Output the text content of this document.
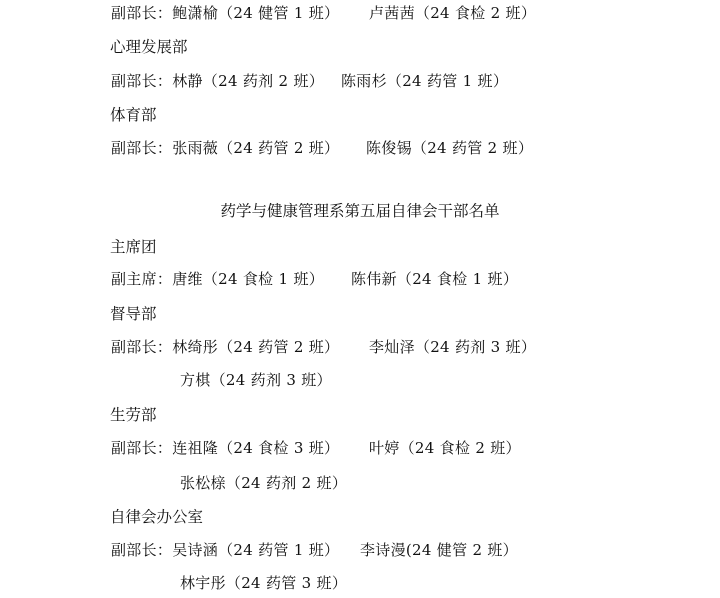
副部长：鲍潇榆（24 健管 1 班） 卢茜茜（24 食检 2 班）
心理发展部
副部长：林静（24 药剂 2 班） 陈雨杉（24 药管 1 班）
体育部
副部长：张雨薇（24 药管 2 班） 陈俊锡（24 药管 2 班）
药学与健康管理系第五届自律会干部名单
主席团
副主席：唐维（24 食检 1 班） 陈伟新（24 食检 1 班）
督导部
副部长：林绮彤（24 药管 2 班） 李灿泽（24 药剂 3 班）
方棋（24 药剂 3 班）
生劳部
副部长：连祖隆（24 食检 3 班） 叶婷（24 食检 2 班）
张松榇（24 药剂 2 班）
自律会办公室
副部长：吴诗涵（24 药管 1 班） 李诗漫(24 健管 2 班）
林宇彤（24 药管 3 班）
